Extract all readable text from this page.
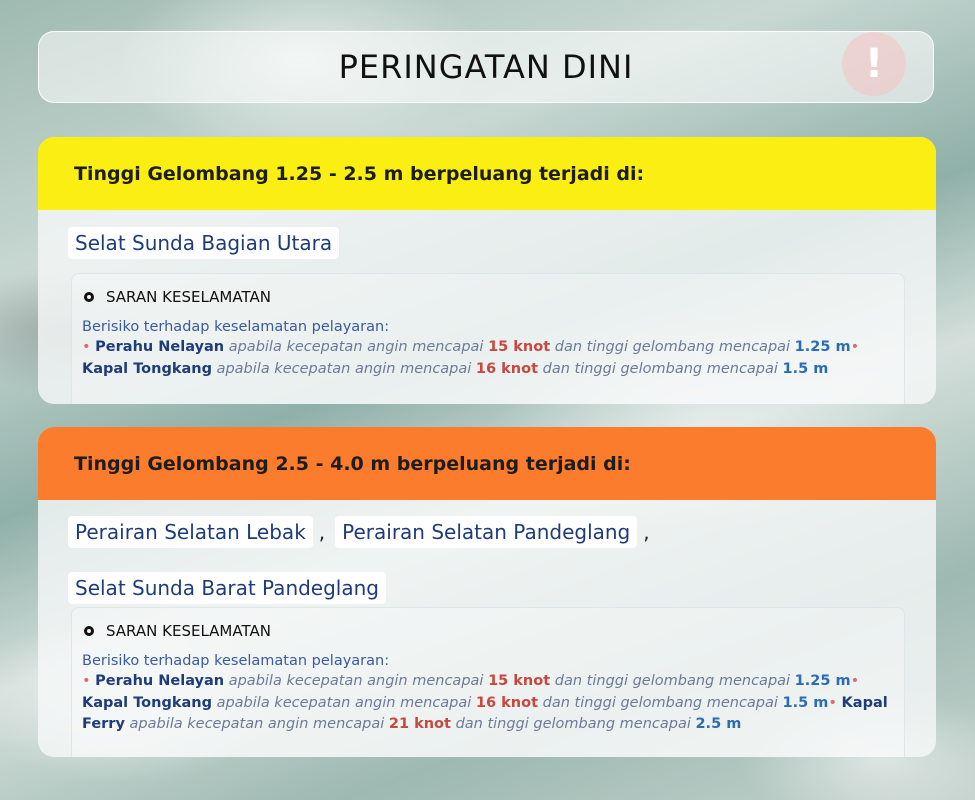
PERINGATAN DINI
Tinggi Gelombang 1.25 - 2.5 m berpeluang terjadi di:
Selat Sunda Bagian Utara
SARAN KESELAMATAN
Berisiko terhadap keselamatan pelayaran:
• Perahu Nelayan apabila kecepatan angin mencapai 15 knot dan tinggi gelombang mencapai 1.25 m• Kapal Tongkang apabila kecepatan angin mencapai 16 knot dan tinggi gelombang mencapai 1.5 m
Tinggi Gelombang 2.5 - 4.0 m berpeluang terjadi di:
Perairan Selatan Lebak , Perairan Selatan Pandeglang ,
Selat Sunda Barat Pandeglang
SARAN KESELAMATAN
Berisiko terhadap keselamatan pelayaran:
• Perahu Nelayan apabila kecepatan angin mencapai 15 knot dan tinggi gelombang mencapai 1.25 m• Kapal Tongkang apabila kecepatan angin mencapai 16 knot dan tinggi gelombang mencapai 1.5 m• Kapal Ferry apabila kecepatan angin mencapai 21 knot dan tinggi gelombang mencapai 2.5 m
